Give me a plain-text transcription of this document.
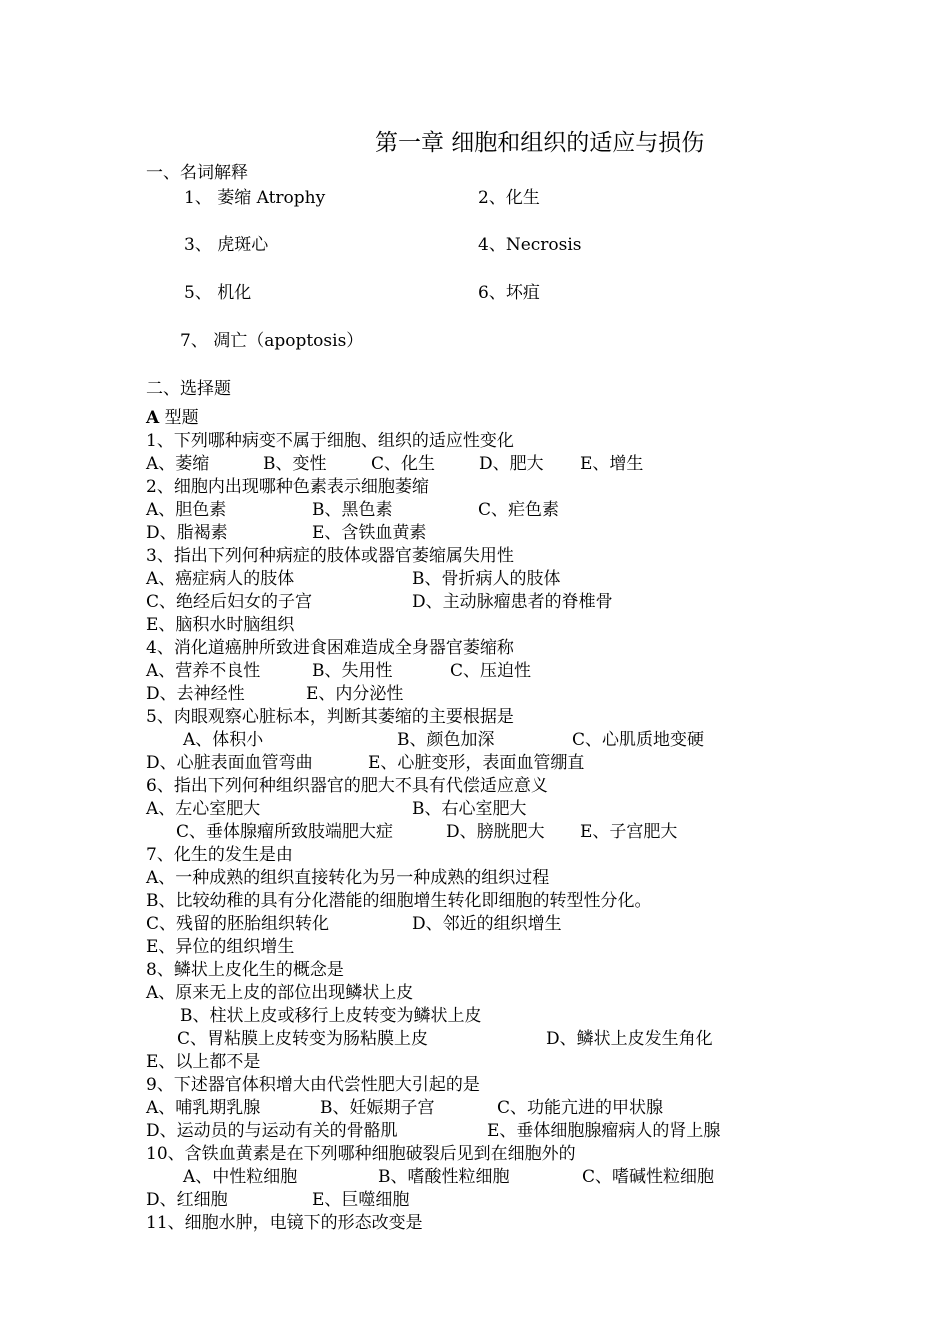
第一章 细胞和组织的适应与损伤
一、名词解释
1、 萎缩 Atrophy	2、化生
3、 虎斑心	4、Necrosis
5、 机化	6、坏疽
7、 凋亡（apoptosis）
二、选择题
A 型题
1、下列哪种病变不属于细胞、组织的适应性变化
A、萎缩	B、变性	C、化生	D、肥大 E、增生
2、细胞内出现哪种色素表示细胞萎缩
A、胆色素	B、黑色素	C、疟色素
D、脂褐素	E、含铁血黄素
3、指出下列何种病症的肢体或器官萎缩属失用性
A、癌症病人的肢体	B、骨折病人的肢体
C、绝经后妇女的子宫	D、主动脉瘤患者的脊椎骨
E、脑积水时脑组织
4、消化道癌肿所致进食困难造成全身器官萎缩称
A、营养不良性	B、失用性	C、压迫性
D、去神经性	E、内分泌性
5、肉眼观察心脏标本，判断其萎缩的主要根据是
A、体积小	B、颜色加深	C、心肌质地变硬
D、心脏表面血管弯曲	E、心脏变形，表面血管绷直
6、指出下列何种组织器官的肥大不具有代偿适应意义
A、左心室肥大	B、右心室肥大
C、垂体腺瘤所致肢端肥大症	D、膀胱肥大 E、子宫肥大
7、化生的发生是由
A、一种成熟的组织直接转化为另一种成熟的组织过程
B、比较幼稚的具有分化潜能的细胞增生转化即细胞的转型性分化。
C、残留的胚胎组织转化	D、邻近的组织增生
E、异位的组织增生
8、鳞状上皮化生的概念是
A、原来无上皮的部位出现鳞状上皮
B、柱状上皮或移行上皮转变为鳞状上皮
C、胃粘膜上皮转变为肠粘膜上皮	D、鳞状上皮发生角化
E、以上都不是
9、下述器官体积增大由代尝性肥大引起的是
A、哺乳期乳腺	B、妊娠期子宫	C、功能亢进的甲状腺
D、运动员的与运动有关的骨骼肌	E、垂体细胞腺瘤病人的肾上腺
10、含铁血黄素是在下列哪种细胞破裂后见到在细胞外的
A、中性粒细胞	B、嗜酸性粒细胞	C、嗜碱性粒细胞
D、红细胞	E、巨噬细胞
11、细胞水肿，电镜下的形态改变是
